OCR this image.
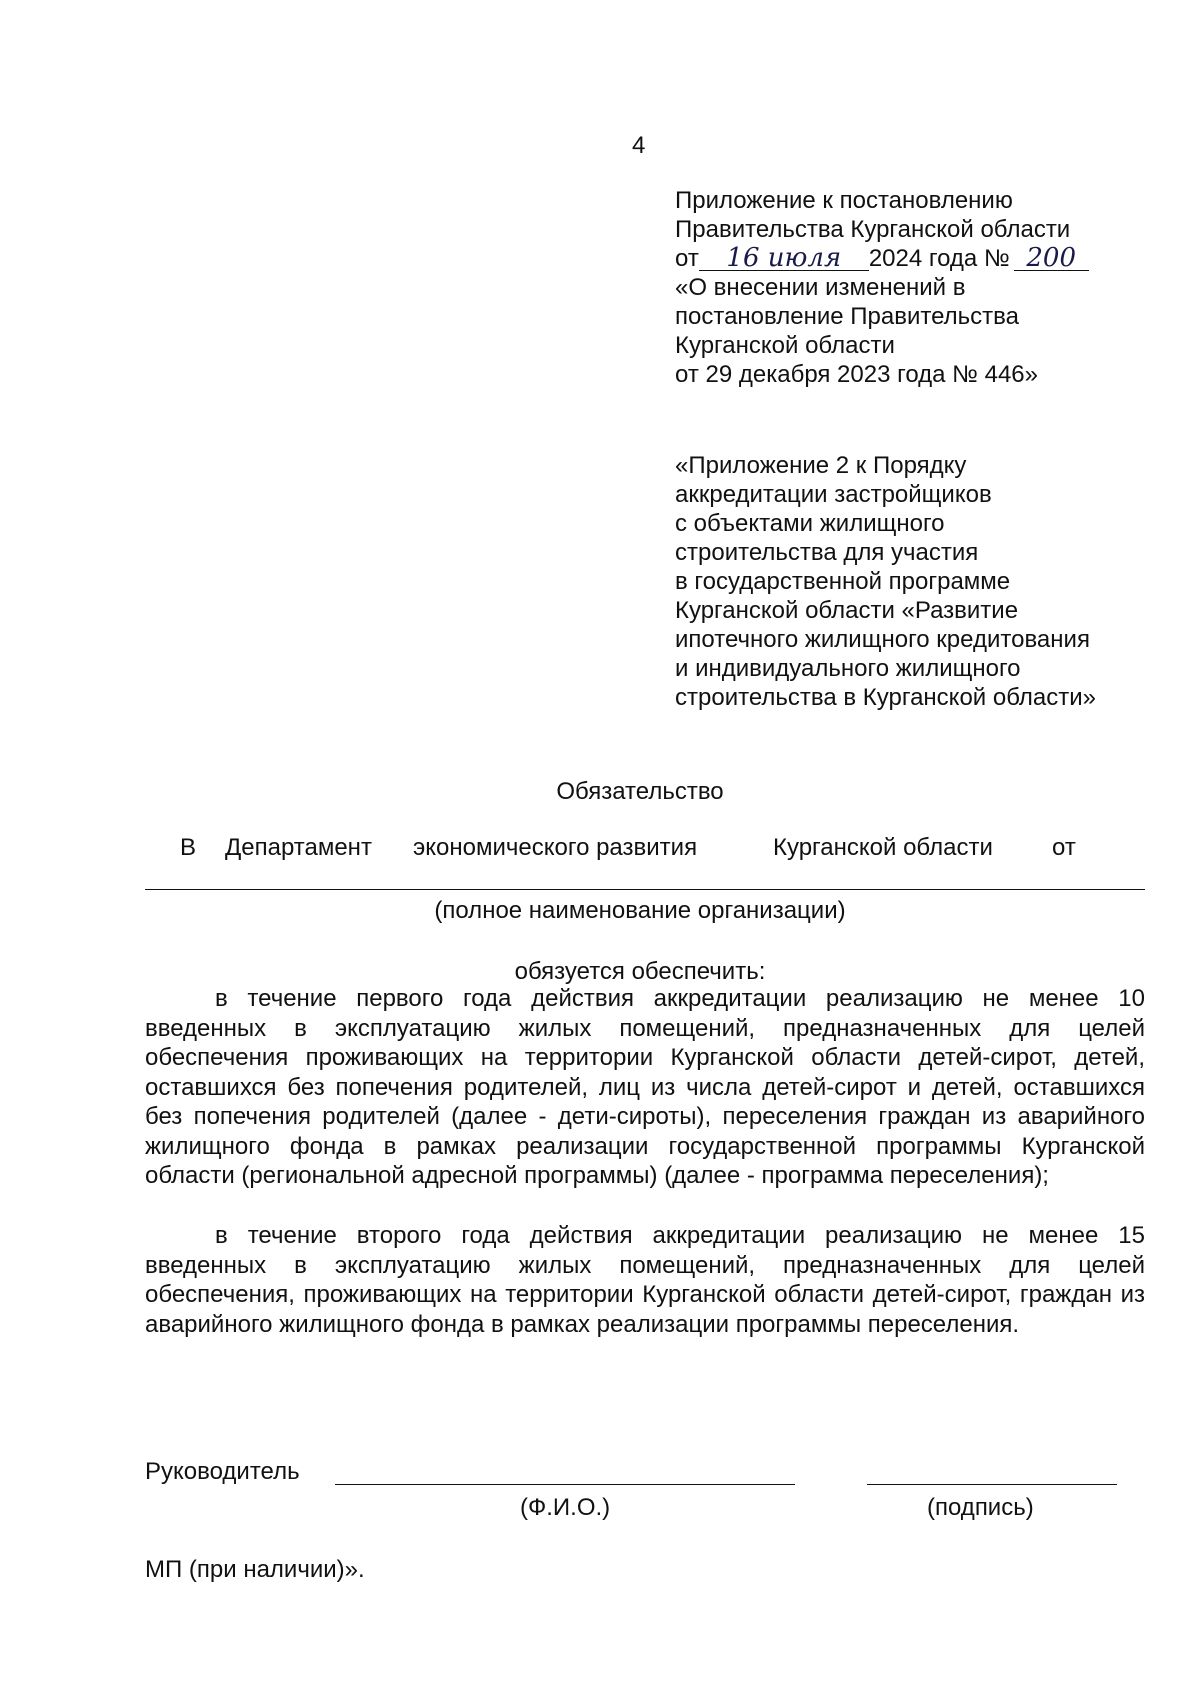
4
Приложение к постановлению
Правительства Курганской области
от 16 июля 2024 года № 200
«О внесении изменений в
постановление Правительства
Курганской области
от 29 декабря 2023 года № 446»
«Приложение 2 к Порядку
аккредитации застройщиков
с объектами жилищного
строительства для участия
в государственной программе
Курганской области «Развитие
ипотечного жилищного кредитования
и индивидуального жилищного
строительства в Курганской области»
Обязательство
В Департамент экономического развития	Курганской области от
(полное наименование организации)
обязуется обеспечить:
в течение первого года действия аккредитации реализацию не менее 10 введенных в эксплуатацию жилых помещений, предназначенных для целей обеспечения проживающих на территории Курганской области детей-сирот, детей, оставшихся без попечения родителей, лиц из числа детей-сирот и детей, оставшихся без попечения родителей (далее - дети-сироты), переселения граждан из аварийного жилищного фонда в рамках реализации государственной программы Курганской области (региональной адресной программы) (далее - программа переселения);
в течение второго года действия аккредитации реализацию не менее 15 введенных в эксплуатацию жилых помещений, предназначенных для целей обеспечения, проживающих на территории Курганской области детей-сирот, граждан из аварийного жилищного фонда в рамках реализации программы переселения.
Руководитель
(Ф.И.О.)	(подпись)
МП (при наличии)».
